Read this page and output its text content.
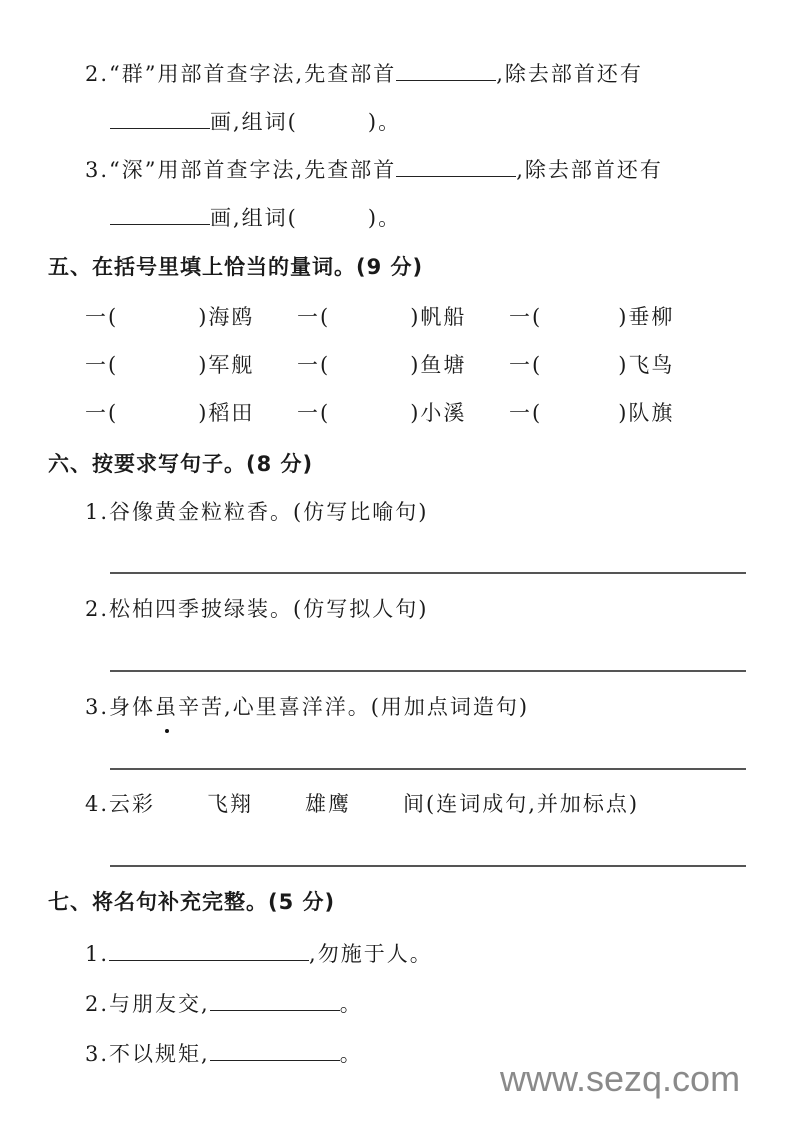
2.“群”用部首查字法,先查部首	,除去部首还有
画,组词(	)。
3.“深”用部首查字法,先查部首	,除去部首还有
画,组词(	)。
五、在括号里填上恰当的量词。(9 分)
一(	)海鸥 一(	)帆船 一(	)垂柳
一(	)军舰 一(	)鱼塘 一(	)飞鸟
一(	)稻田 一(	)小溪 一(	)队旗
六、按要求写句子。(8 分)
1.谷像黄金粒粒香。(仿写比喻句)
2.松柏四季披绿装。(仿写拟人句)
3.身体虽
辛苦,心里喜洋洋。(用加点词造句)
4.云彩 飞翔 雄鹰 间(连词成句,并加标点)
七、将名句补充完整。(5 分)
1.	,勿施于人。
2.与朋友交,	。
3.不以规矩,	。
www.sezq.com
